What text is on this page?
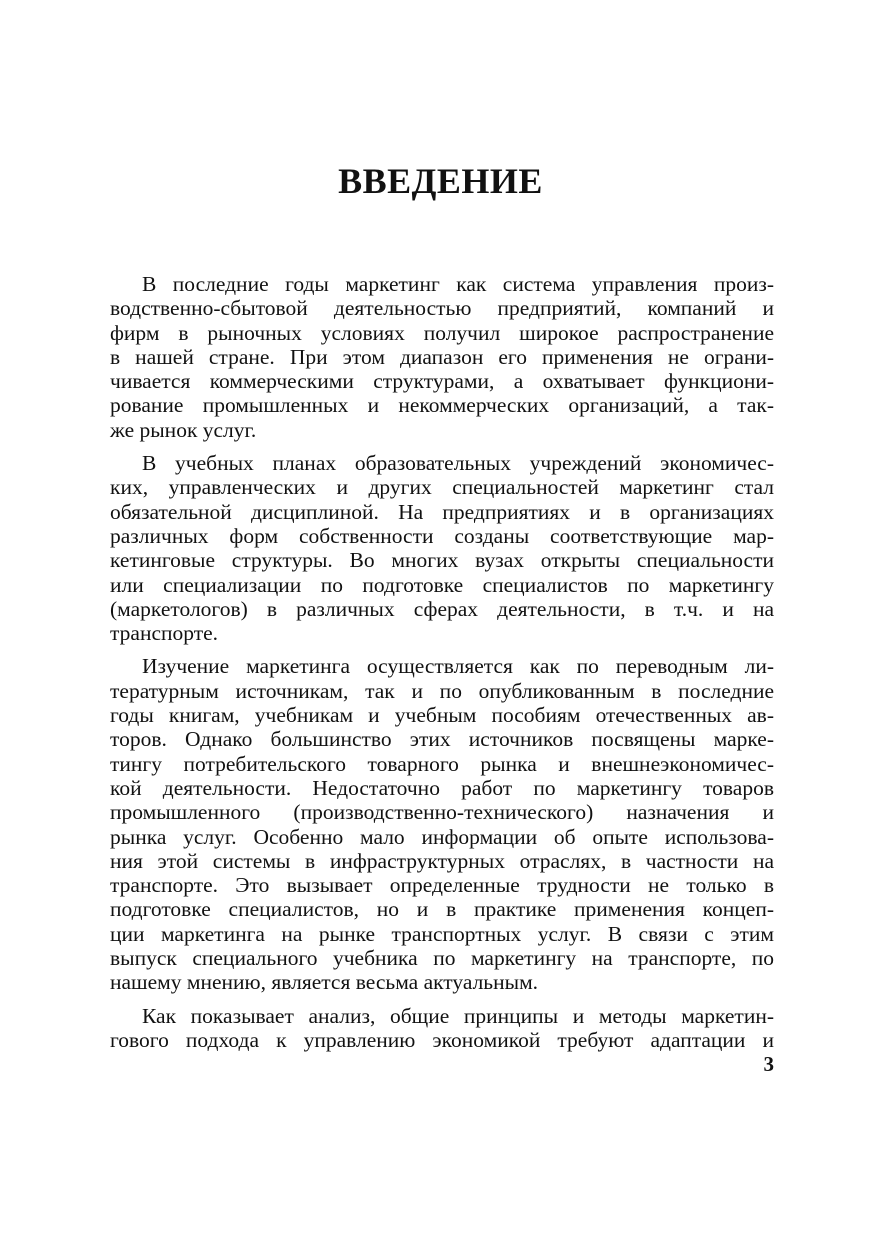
ВВЕДЕНИЕ

В последние годы маркетинг как система управления произ-
водственно-сбытовой деятельностью предприятий, компаний и
фирм в рыночных условиях получил широкое распространение
в нашей стране. При этом диапазон его применения не ограни-
чивается коммерческими структурами, а охватывает функциони-
рование промышленных и некоммерческих организаций, а так-
же рынок услуг.

В учебных планах образовательных учреждений экономичес-
ких, управленческих и других специальностей маркетинг стал
обязательной дисциплиной. На предприятиях и в организациях
различных форм собственности созданы соответствующие мар-
кетинговые структуры. Во многих вузах открыты специальности
или специализации по подготовке специалистов по маркетингу
(маркетологов) в различных сферах деятельности, в т.ч. и на
транспорте.

Изучение маркетинга осуществляется как по переводным ли-
тературным источникам, так и по опубликованным в последние
годы книгам, учебникам и учебным пособиям отечественных ав-
торов. Однако большинство этих источников посвящены марке-
тингу потребительского товарного рынка и внешнеэкономичес-
кой деятельности. Недостаточно работ по маркетингу товаров
промышленного (производственно-технического) назначения и
рынка услуг. Особенно мало информации об опыте использова-
ния этой системы в инфраструктурных отраслях, в частности на
транспорте. Это вызывает определенные трудности не только в
подготовке специалистов, но и в практике применения концеп-
ции маркетинга на рынке транспортных услуг. В связи с этим
выпуск специального учебника по маркетингу на транспорте, по
нашему мнению, является весьма актуальным.

Как показывает анализ, общие принципы и методы маркетин-
гового подхода к управлению экономикой требуют адаптации и

3
